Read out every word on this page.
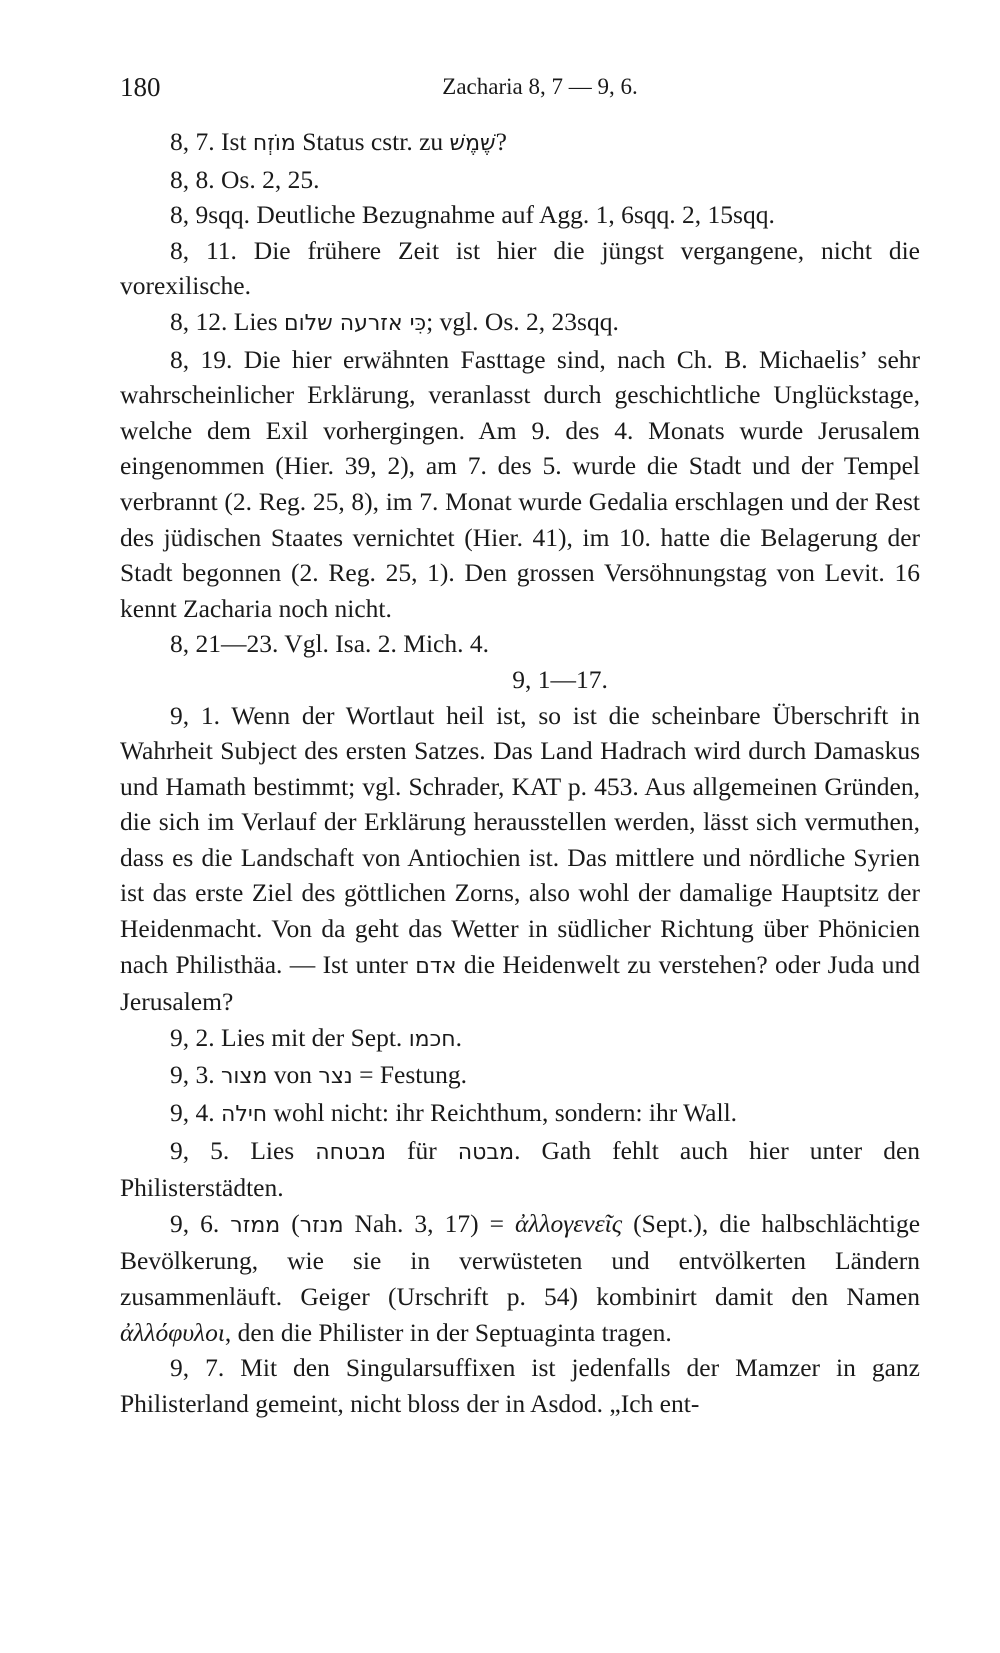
180	Zacharia 8, 7 — 9, 6.

8, 7. Ist מוֹזְח Status cstr. zu שֶׁמֶשׁ?

8, 8. Os. 2, 25.

8, 9sqq. Deutliche Bezugnahme auf Agg. 1, 6sqq. 2, 15sqq.

8, 11. Die frühere Zeit ist hier die jüngst vergangene, nicht die vorexilische.

8, 12. Lies כִּי אזרעה שלום; vgl. Os. 2, 23sqq.

8, 19. Die hier erwähnten Fasttage sind, nach Ch. B. Michaelis’ sehr wahrscheinlicher Erklärung, veranlasst durch geschichtliche Unglückstage, welche dem Exil vorhergingen. Am 9. des 4. Monats wurde Jerusalem eingenommen (Hier. 39, 2), am 7. des 5. wurde die Stadt und der Tempel verbrannt (2. Reg. 25, 8), im 7. Monat wurde Gedalia erschlagen und der Rest des jüdischen Staates vernichtet (Hier. 41), im 10. hatte die Belagerung der Stadt begonnen (2. Reg. 25, 1). Den grossen Versöhnungstag von Levit. 16 kennt Zacharia noch nicht.

8, 21—23. Vgl. Isa. 2. Mich. 4.

9, 1—17.

9, 1. Wenn der Wortlaut heil ist, so ist die scheinbare Überschrift in Wahrheit Subject des ersten Satzes. Das Land Hadrach wird durch Damaskus und Hamath bestimmt; vgl. Schrader, KAT p. 453. Aus allgemeinen Gründen, die sich im Verlauf der Erklärung herausstellen werden, lässt sich vermuthen, dass es die Landschaft von Antiochien ist. Das mittlere und nördliche Syrien ist das erste Ziel des göttlichen Zorns, also wohl der damalige Hauptsitz der Heidenmacht. Von da geht das Wetter in südlicher Richtung über Phönicien nach Philisthäa. — Ist unter אדם die Heidenwelt zu verstehen? oder Juda und Jerusalem?

9, 2. Lies mit der Sept. חכמו.

9, 3. מצור von נצר = Festung.

9, 4. חילה wohl nicht: ihr Reichthum, sondern: ihr Wall.

9, 5. Lies מבטחה für מבטה. Gath fehlt auch hier unter den Philisterstädten.

9, 6. ממזר (מנזר Nah. 3, 17) = ἀλλογενεῖς (Sept.), die halbschlächtige Bevölkerung, wie sie in verwüsteten und entvölkerten Ländern zusammenläuft. Geiger (Urschrift p. 54) kombinirt damit den Namen ἀλλόφυλοι, den die Philister in der Septuaginta tragen.

9, 7. Mit den Singularsuffixen ist jedenfalls der Mamzer in ganz Philisterland gemeint, nicht bloss der in Asdod. „Ich ent-
